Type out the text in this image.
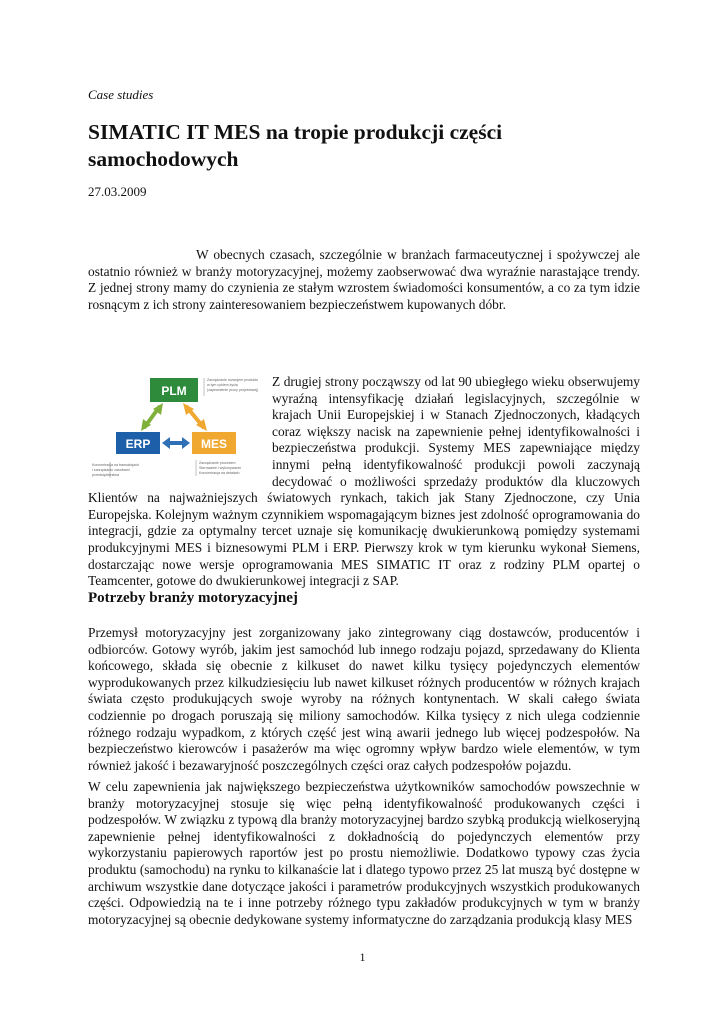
Case studies

SIMATIC IT MES na tropie produkcji części samochodowych

27.03.2009

W obecnych czasach, szczególnie w branżach farmaceutycznej i spożywczej ale ostatnio również w branży motoryzacyjnej, możemy zaobserwować dwa wyraźnie narastające trendy. Z jednej strony mamy do czynienia ze stałym wzrostem świadomości konsumentów, a co za tym idzie rosnącym z ich strony zainteresowaniem bezpieczeństwem kupowanych dóbr.

PLM
ERP	MES
Zarządzanie rozwojem produktu
w tym cyklem życia
(zapewnienie procy projektowej)
Koncentracja na transakcjach
i zarządzaniu zasobami
przedsiębiorstwa
Zarządzanie procesem
Sterowanie i wykonywanie
Koncentracja na detalach

Z drugiej strony począwszy od lat 90 ubiegłego wieku obserwujemy wyraźną intensyfikację działań legislacyjnych, szczególnie w krajach Unii Europejskiej i w Stanach Zjednoczonych, kładących coraz większy nacisk na zapewnienie pełnej identyfikowalności i bezpieczeństwa produkcji. Systemy MES zapewniające między innymi pełną identyfikowalność produkcji powoli zaczynają decydować o możliwości sprzedaży produktów dla kluczowych Klientów na najważniejszych światowych rynkach, takich jak Stany Zjednoczone, czy Unia Europejska. Kolejnym ważnym czynnikiem wspomagającym biznes jest zdolność oprogramowania do integracji, gdzie za optymalny tercet uznaje się komunikację dwukierunkową pomiędzy systemami produkcyjnymi MES i biznesowymi PLM i ERP. Pierwszy krok w tym kierunku wykonał Siemens, dostarczając nowe wersje oprogramowania MES SIMATIC IT oraz z rodziny PLM opartej o Teamcenter, gotowe do dwukierunkowej integracji z SAP.

Potrzeby branży motoryzacyjnej

Przemysł motoryzacyjny jest zorganizowany jako zintegrowany ciąg dostawców, producentów i odbiorców. Gotowy wyrób, jakim jest samochód lub innego rodzaju pojazd, sprzedawany do Klienta końcowego, składa się obecnie z kilkuset do nawet kilku tysięcy pojedynczych elementów wyprodukowanych przez kilkudziesięciu lub nawet kilkuset różnych producentów w różnych krajach świata często produkujących swoje wyroby na różnych kontynentach. W skali całego świata codziennie po drogach poruszają się miliony samochodów. Kilka tysięcy z nich ulega codziennie różnego rodzaju wypadkom, z których część jest winą awarii jednego lub więcej podzespołów. Na bezpieczeństwo kierowców i pasażerów ma więc ogromny wpływ bardzo wiele elementów, w tym również jakość i bezawaryjność poszczególnych części oraz całych podzespołów pojazdu.

W celu zapewnienia jak największego bezpieczeństwa użytkowników samochodów powszechnie w branży motoryzacyjnej stosuje się więc pełną identyfikowalność produkowanych części i podzespołów. W związku z typową dla branży motoryzacyjnej bardzo szybką produkcją wielkoseryjną zapewnienie pełnej identyfikowalności z dokładnością do pojedynczych elementów przy wykorzystaniu papierowych raportów jest po prostu niemożliwie. Dodatkowo typowy czas życia produktu (samochodu) na rynku to kilkanaście lat i dlatego typowo przez 25 lat muszą być dostępne w archiwum wszystkie dane dotyczące jakości i parametrów produkcyjnych wszystkich produkowanych części. Odpowiedzią na te i inne potrzeby różnego typu zakładów produkcyjnych w tym w branży motoryzacyjnej są obecnie dedykowane systemy informatyczne do zarządzania produkcją klasy MES

1
